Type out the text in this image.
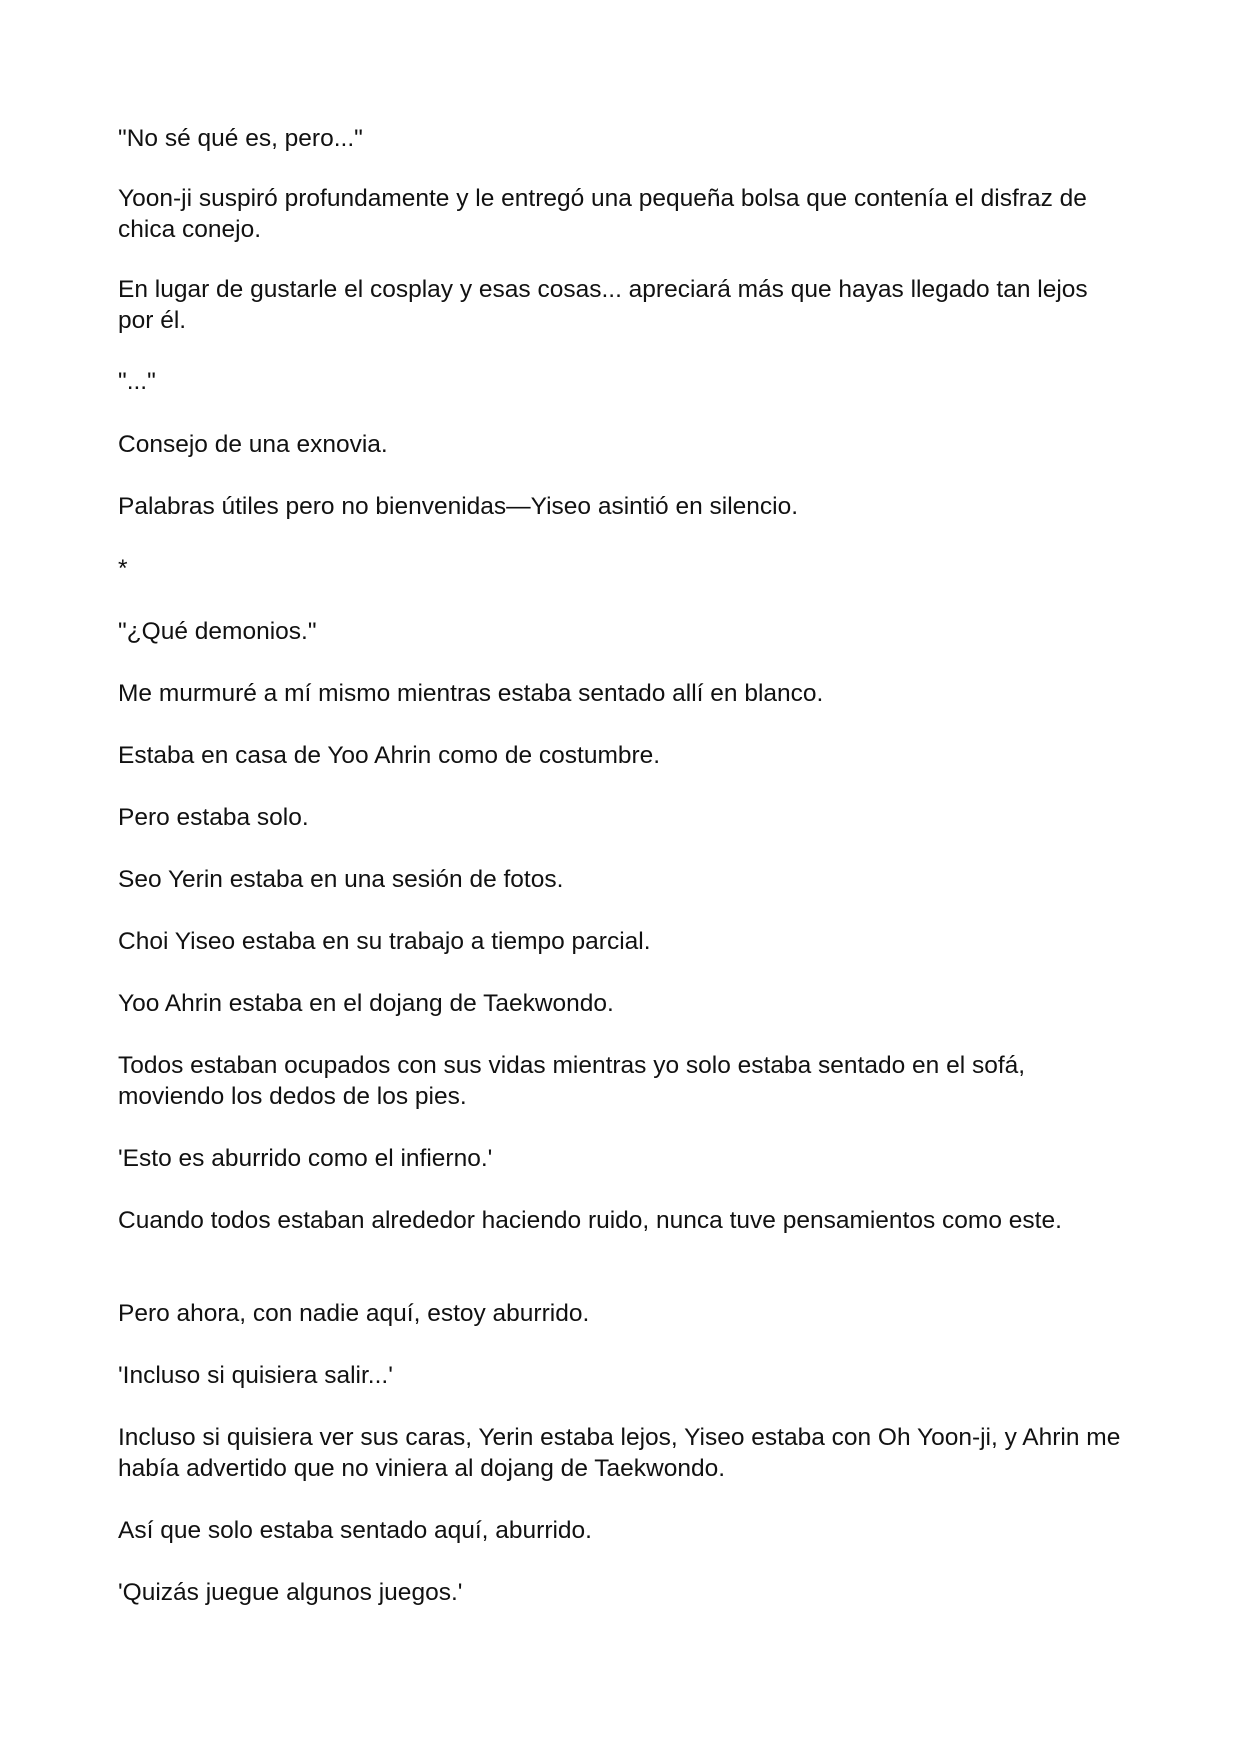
"No sé qué es, pero..."

Yoon-ji suspiró profundamente y le entregó una pequeña bolsa que contenía el disfraz de chica conejo.

En lugar de gustarle el cosplay y esas cosas... apreciará más que hayas llegado tan lejos por él.

"..."

Consejo de una exnovia.

Palabras útiles pero no bienvenidas—Yiseo asintió en silencio.

*

"¿Qué demonios."

Me murmuré a mí mismo mientras estaba sentado allí en blanco.

Estaba en casa de Yoo Ahrin como de costumbre.

Pero estaba solo.

Seo Yerin estaba en una sesión de fotos.

Choi Yiseo estaba en su trabajo a tiempo parcial.

Yoo Ahrin estaba en el dojang de Taekwondo.

Todos estaban ocupados con sus vidas mientras yo solo estaba sentado en el sofá, moviendo los dedos de los pies.

'Esto es aburrido como el infierno.'

Cuando todos estaban alrededor haciendo ruido, nunca tuve pensamientos como este.

Pero ahora, con nadie aquí, estoy aburrido.

'Incluso si quisiera salir...'

Incluso si quisiera ver sus caras, Yerin estaba lejos, Yiseo estaba con Oh Yoon-ji, y Ahrin me había advertido que no viniera al dojang de Taekwondo.

Así que solo estaba sentado aquí, aburrido.

'Quizás juegue algunos juegos.'
